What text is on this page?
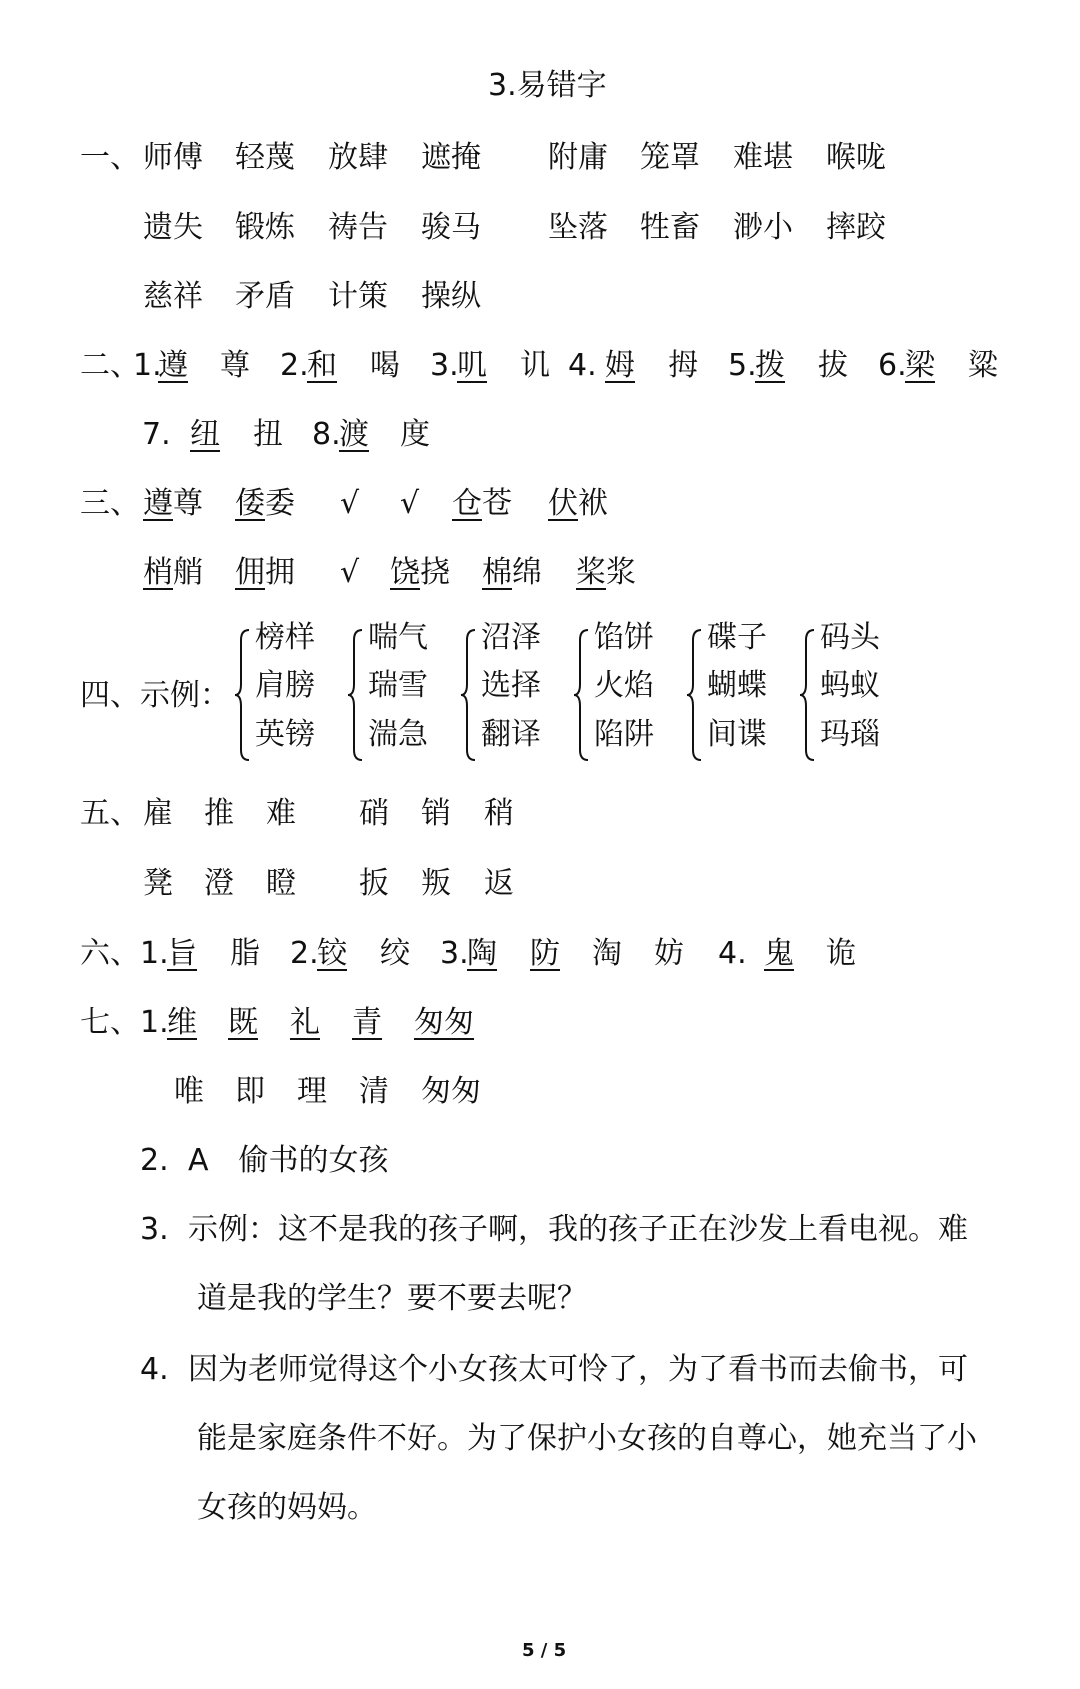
3.易错字
一、 师傅 轻蔑 放肆 遮掩 附庸 笼罩 难堪 喉咙
遗失 锻炼 祷告 骏马 坠落 牲畜 渺小 摔跤
慈祥 矛盾 计策 操纵
二、
1.
遵 尊 2.
和 喝 3.
叽 讥 4. 姆 拇 5.
拨 拔 6.
梁 粱
7. 纽 扭 8.
渡 度
三、 遵尊 倭委 √ √ 仓苍 伏袱
梢艄 佣拥 √ 饶挠 棉绵 桨浆
四、示例：
榜样
肩膀
英镑
喘气
瑞雪
湍急
沼泽
选择
翻译
馅饼
火焰
陷阱
碟子
蝴蝶
间谍
码头
蚂蚁
玛瑙
五、 雇 推 难 硝 销 稍
凳 澄 瞪 扳 叛 返
六、 1.
旨 脂 2.
铰 绞 3.
陶 防 淘 妨 4. 鬼 诡
七、 1.
维 既 礼 青 匆匆
唯 即 理 清 匆匆
2. A　偷书的女孩
3. 示例：这不是我的孩子啊，我的孩子正在沙发上看电视。难
道是我的学生？要不要去呢？
4. 因为老师觉得这个小女孩太可怜了，为了看书而去偷书，可
能是家庭条件不好。为了保护小女孩的自尊心，她充当了小
女孩的妈妈。
5 / 5
